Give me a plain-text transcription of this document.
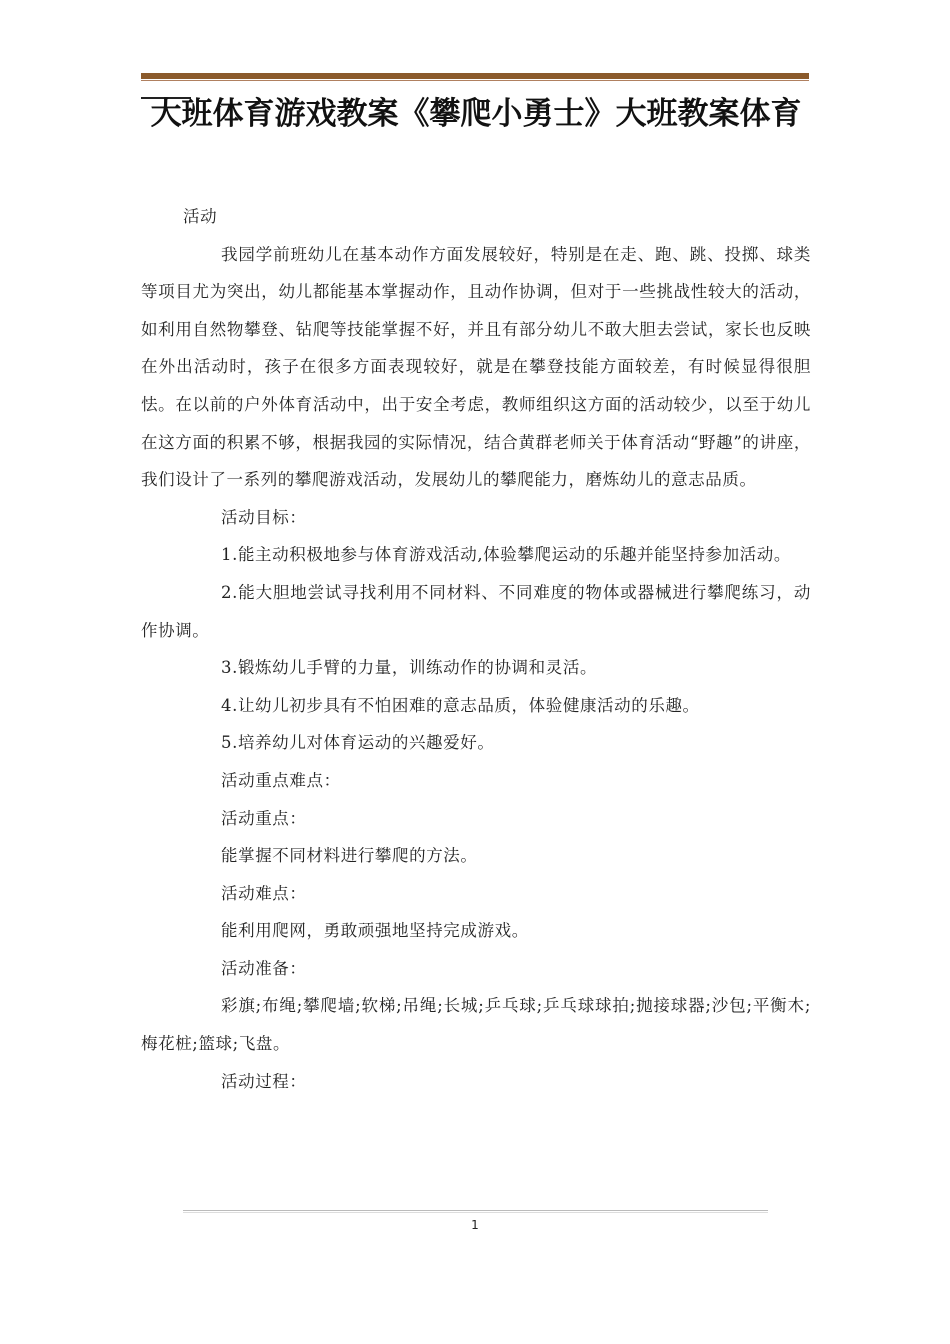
大班体育游戏教案《攀爬小勇士》大班教案体育

活动

我园学前班幼儿在基本动作方面发展较好，特别是在走、跑、跳、投掷、球类等项目尤为突出，幼儿都能基本掌握动作，且动作协调，但对于一些挑战性较大的活动，如利用自然物攀登、钻爬等技能掌握不好，并且有部分幼儿不敢大胆去尝试，家长也反映在外出活动时，孩子在很多方面表现较好，就是在攀登技能方面较差，有时候显得很胆怯。在以前的户外体育活动中，出于安全考虑，教师组织这方面的活动较少，以至于幼儿在这方面的积累不够，根据我园的实际情况，结合黄群老师关于体育活动“野趣”的讲座，我们设计了一系列的攀爬游戏活动，发展幼儿的攀爬能力，磨炼幼儿的意志品质。

活动目标：

1.能主动积极地参与体育游戏活动,体验攀爬运动的乐趣并能坚持参加活动。

2.能大胆地尝试寻找利用不同材料、不同难度的物体或器械进行攀爬练习，动作协调。

3.锻炼幼儿手臂的力量，训练动作的协调和灵活。

4.让幼儿初步具有不怕困难的意志品质，体验健康活动的乐趣。

5.培养幼儿对体育运动的兴趣爱好。

活动重点难点：

活动重点：

能掌握不同材料进行攀爬的方法。

活动难点：

能利用爬网，勇敢顽强地坚持完成游戏。

活动准备：

彩旗;布绳;攀爬墙;软梯;吊绳;长城;乒乓球;乒乓球球拍;抛接球器;沙包;平衡木;梅花桩;篮球;飞盘。

活动过程：

1
